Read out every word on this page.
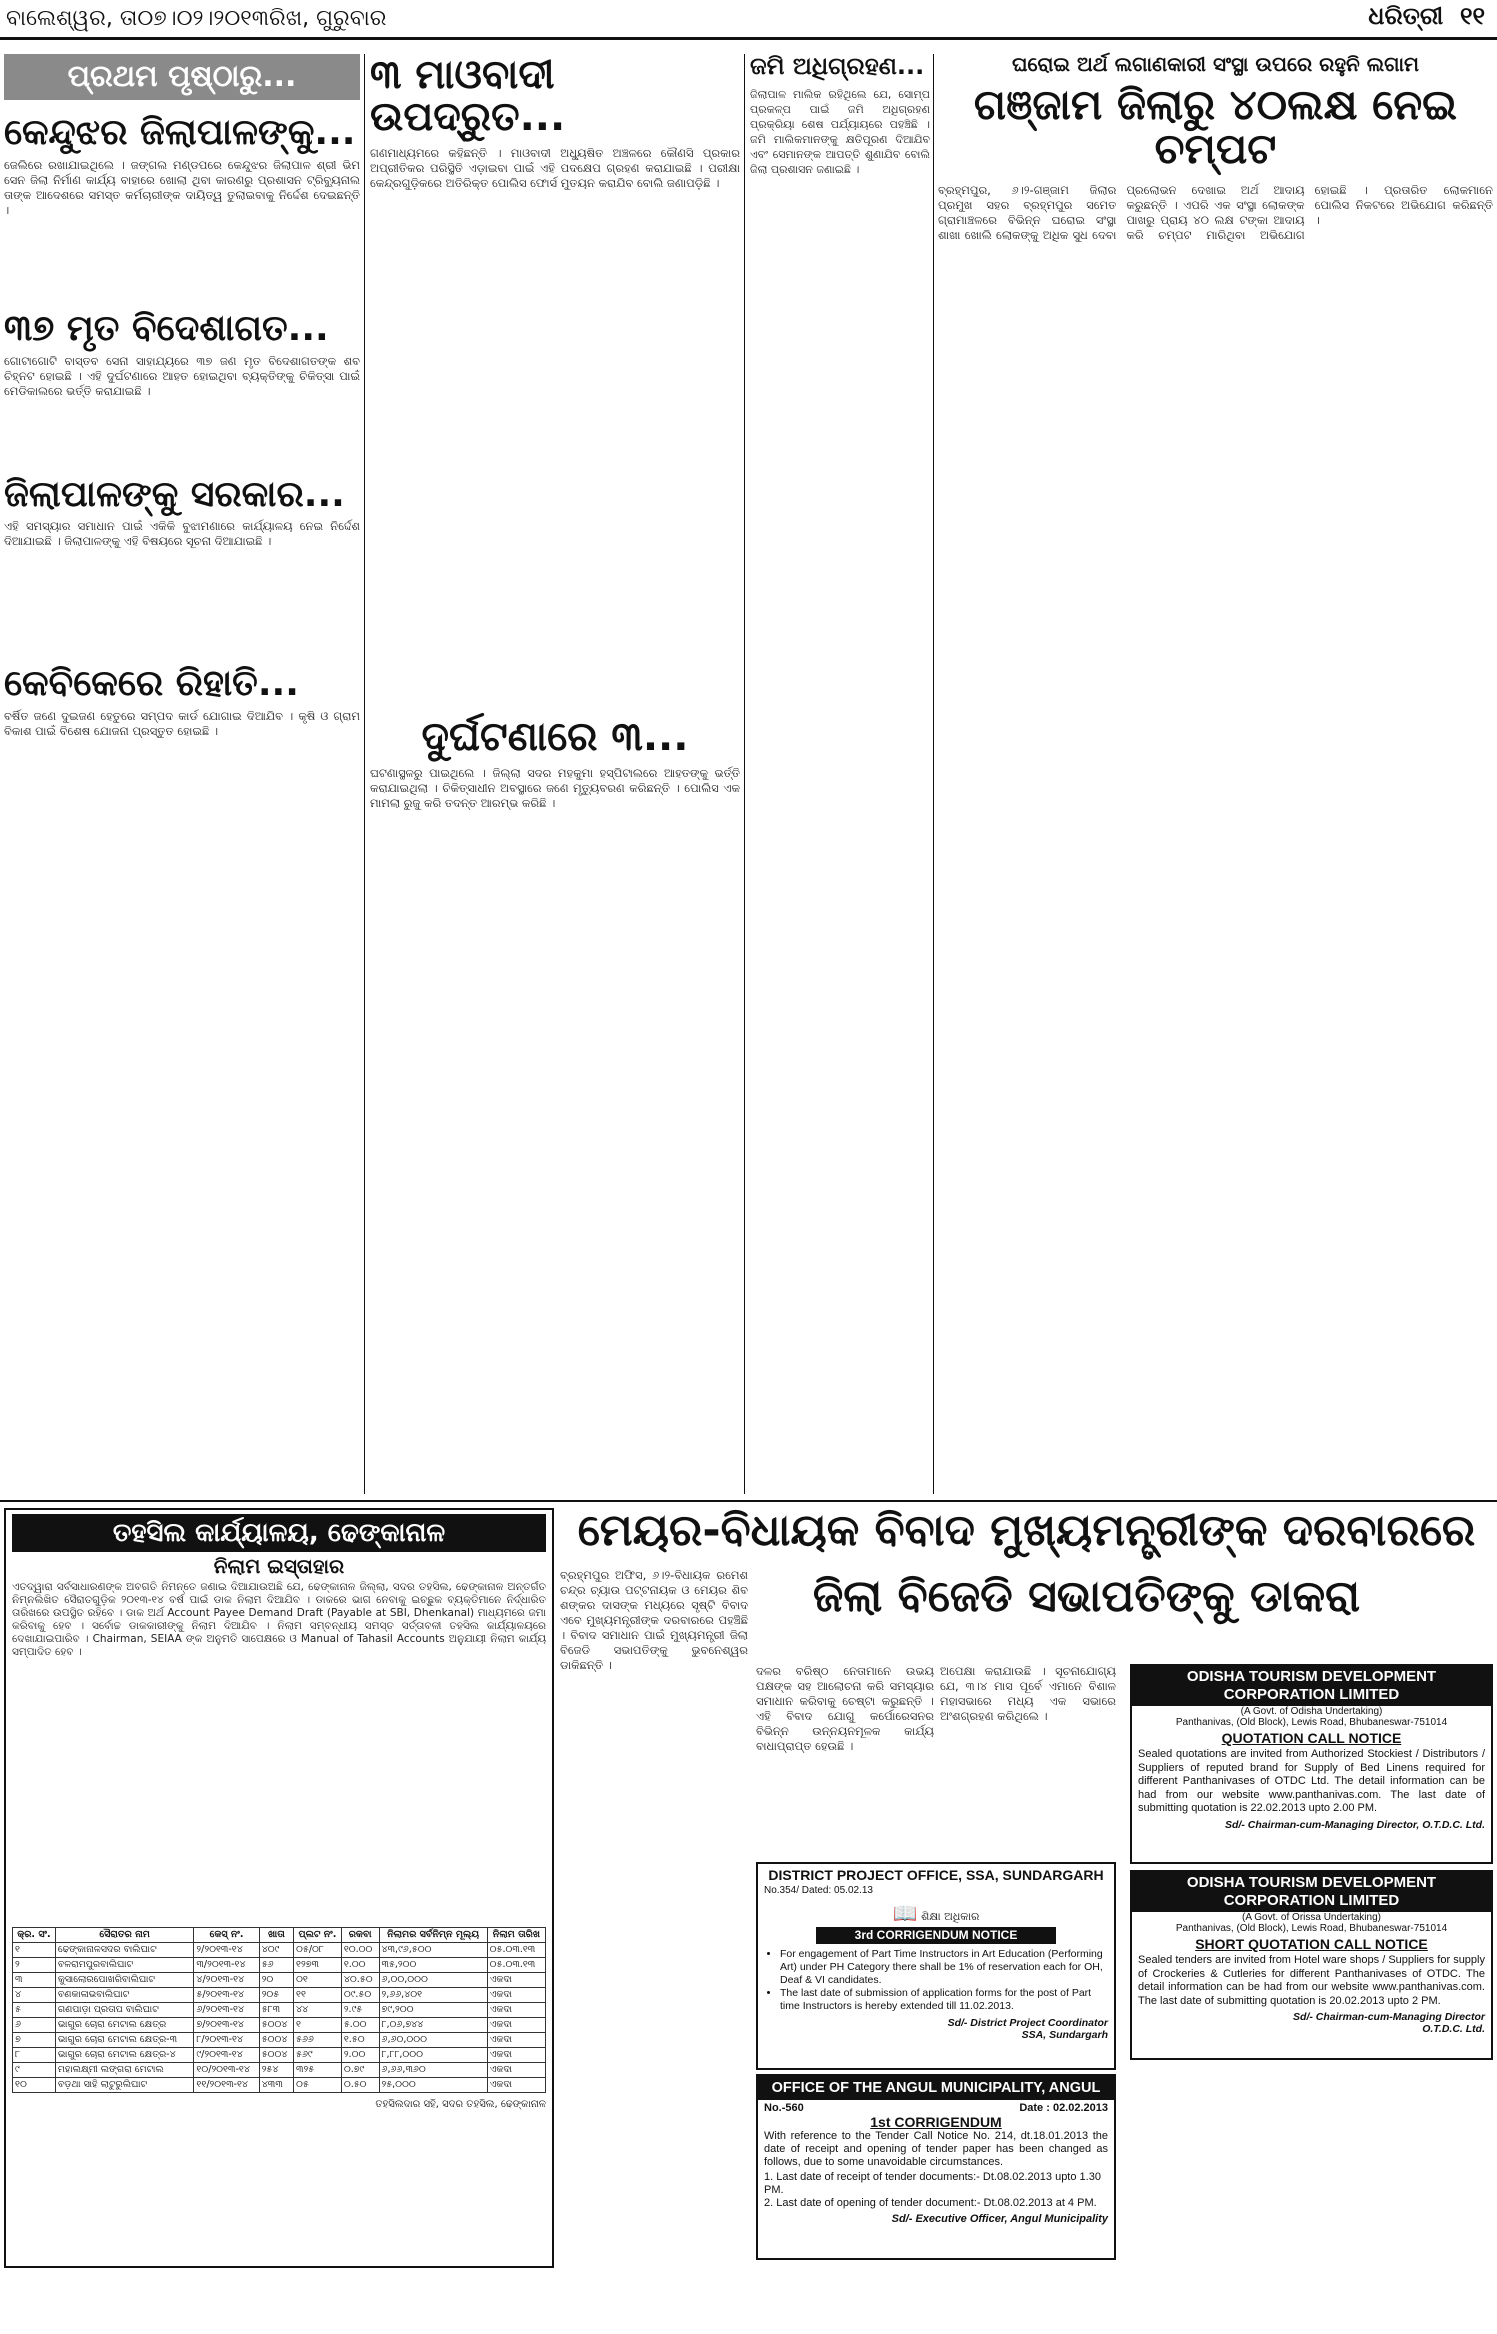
ବାଲେଶ୍ୱର, ତା୦୭।୦୨।୨୦୧୩ରିଖ, ଗୁରୁବାର	ଧରିତ୍ରୀ ୧୧
ପ୍ରଥମ ପୃଷ୍ଠାରୁ...
କେନ୍ଦୁଝର ଜିଲାପାଳଙ୍କୁ...
ଜେଲିରେ ରଖାଯାଇଥିଲେ । ଜଙ୍ଗଲ ମଣ୍ଡପରେ କେନ୍ଦୁଝର ଜିଲାପାଳ ଶ୍ରୀ ଭିମ ସେନ ଜିଲା ନିର୍ମାଣ କାର୍ଯ୍ୟ ବାହାରେ ଖୋଲା ଥିବା କାରଣରୁ ପ୍ରଶାସନ ଟ୍ରିବ୍ୟୁନାଲ ତାଙ୍କ ଆଦେଶରେ ସମସ୍ତ କର୍ମଚାରୀଙ୍କ ଦାୟିତ୍ୱ ତୁଲାଇବାକୁ ନିର୍ଦ୍ଦେଶ ଦେଇଛନ୍ତି ।
୩୭ ମୃତ ବିଦେଶାଗତ...
ଗୋଟାଗୋଟି ବାସ୍ତବ ସେନା ସାହାଯ୍ୟରେ ୩୭ ଜଣ ମୃତ ବିଦେଶାଗତଙ୍କ ଶବ ଚିହ୍ନଟ ହୋଇଛି । ଏହି ଦୁର୍ଘଟଣାରେ ଆହତ ହୋଇଥିବା ବ୍ୟକ୍ତିଙ୍କୁ ଚିକିତ୍ସା ପାଇଁ ମେଡିକାଲରେ ଭର୍ତ୍ତି କରାଯାଇଛି ।
ଜିଲାପାଳଙ୍କୁ ସରକାର...
ଏହି ସମସ୍ୟାର ସମାଧାନ ପାଇଁ ଏକିକି ବୁଝାମଣାରେ କାର୍ଯ୍ୟାଳୟ ନେଇ ନିର୍ଦ୍ଦେଶ ଦିଆଯାଇଛି । ଜିଲାପାଳଙ୍କୁ ଏହି ବିଷୟରେ ସୂଚନା ଦିଆଯାଇଛି ।
କେବିକେରେ ରିହାତି...
ବର୍ଷିତ ଜଣେ ଦୁଇଜଣ ହେତୁରେ ସମ୍ପଦ କାର୍ଡ ଯୋଗାଇ ଦିଆଯିବ । କୃଷି ଓ ଗ୍ରାମ ବିକାଶ ପାଇଁ ବିଶେଷ ଯୋଜନା ପ୍ରସ୍ତୁତ ହୋଇଛି ।
୩ ମାଓବାଦୀ ଉପଦ୍ରୁତ...
ଗଣମାଧ୍ୟମରେ କହିଛନ୍ତି । ମାଓବାଦୀ ଅଧ୍ୟୁଷିତ ଅଞ୍ଚଳରେ କୌଣସି ପ୍ରକାର ଅପ୍ରୀତିକର ପରିସ୍ଥିତି ଏଡ଼ାଇବା ପାଇଁ ଏହି ପଦକ୍ଷେପ ଗ୍ରହଣ କରାଯାଇଛି । ପରୀକ୍ଷା କେନ୍ଦ୍ରଗୁଡ଼ିକରେ ଅତିରିକ୍ତ ପୋଲିସ ଫୋର୍ସ ମୁତୟନ କରାଯିବ ବୋଲି ଜଣାପଡ଼ିଛି ।
ଦୁର୍ଘଟଣାରେ ୩...
ଘଟଣାସ୍ଥଳରୁ ପାଇଥିଲେ । ଜିଲ୍ଲା ସଦର ମହକୁମା ହସ୍ପିଟାଲରେ ଆହତଙ୍କୁ ଭର୍ତ୍ତି କରାଯାଇଥିଲା । ଚିକିତ୍ସାଧୀନ ଅବସ୍ଥାରେ ଜଣେ ମୃତ୍ୟୁବରଣ କରିଛନ୍ତି । ପୋଲିସ ଏକ ମାମଲା ରୁଜୁ କରି ତଦନ୍ତ ଆରମ୍ଭ କରିଛି ।
ଜମି ଅଧିଗ୍ରହଣ...
ଜିଲାପାଳ ମାଲିକ ରହିଥିଲେ ଯେ, ସୋମ୍ପ ପ୍ରକଳ୍ପ ପାଇଁ ଜମି ଅଧିଗ୍ରହଣ ପ୍ରକ୍ରିୟା ଶେଷ ପର୍ଯ୍ୟାୟରେ ପହଞ୍ଚିଛି । ଜମି ମାଲିକମାନଙ୍କୁ କ୍ଷତିପୂରଣ ଦିଆଯିବ ଏବଂ ସେମାନଙ୍କ ଆପତ୍ତି ଶୁଣାଯିବ ବୋଲି ଜିଲା ପ୍ରଶାସନ ଜଣାଇଛି ।
ଘରୋଇ ଅର୍ଥ ଲଗାଣକାରୀ ସଂସ୍ଥା ଉପରେ ରହୁନି ଲଗାମ
ଗଞ୍ଜାମ ଜିଲାରୁ ୪୦ଲକ୍ଷ ନେଇ ଚମ୍ପଟ
ବ୍ରହ୍ମପୁର, ୬।୨-ଗଞ୍ଜାମ ଜିଲାର ପ୍ରମୁଖ ସହର ବ୍ରହ୍ମପୁର ସମେତ ଗ୍ରାମାଞ୍ଚଳରେ ବିଭିନ୍ନ ଘରୋଇ ସଂସ୍ଥା ଶାଖା ଖୋଲି ଲୋକଙ୍କୁ ଅଧିକ ସୁଧ ଦେବା ପ୍ରଲୋଭନ ଦେଖାଇ ଅର୍ଥ ଆଦାୟ କରୁଛନ୍ତି । ଏପରି ଏକ ସଂସ୍ଥା ଲୋକଙ୍କ ପାଖରୁ ପ୍ରାୟ ୪୦ ଲକ୍ଷ ଟଙ୍କା ଆଦାୟ କରି ଚମ୍ପଟ ମାରିଥିବା ଅଭିଯୋଗ ହୋଇଛି । ପ୍ରତାରିତ ଲୋକମାନେ ପୋଲିସ ନିକଟରେ ଅଭିଯୋଗ କରିଛନ୍ତି ।
ତହସିଲ କାର୍ଯ୍ୟାଳୟ, ଢେଙ୍କାନାଳ
ନିଲାମ ଇସ୍ତାହାର
ଏତଦ୍ୱାରା ସର୍ବସାଧାରଣଙ୍କ ଅବଗତି ନିମନ୍ତେ ଜଣାଇ ଦିଆଯାଉଅଛି ଯେ, ଢେଙ୍କାନାଳ ଜିଲ୍ଲା, ସଦର ତହସିଲ, ଢେଙ୍କାନାଳ ଅନ୍ତର୍ଗତ ନିମ୍ନଲିଖିତ ସୈରାତଗୁଡ଼ିକ ୨୦୧୩-୧୪ ବର୍ଷ ପାଇଁ ଡାକ ନିଲାମ ଦିଆଯିବ । ଡାକରେ ଭାଗ ନେବାକୁ ଇଚ୍ଛୁକ ବ୍ୟକ୍ତିମାନେ ନିର୍ଦ୍ଧାରିତ ତାରିଖରେ ଉପସ୍ଥିତ ରହିବେ । ଡାକ ଅର୍ଥ Account Payee Demand Draft (Payable at SBI, Dhenkanal) ମାଧ୍ୟମରେ ଜମା କରିବାକୁ ହେବ । ସର୍ବୋଚ୍ଚ ଡାକକାରୀଙ୍କୁ ନିଲାମ ଦିଆଯିବ । ନିଲାମ ସମ୍ବନ୍ଧୀୟ ସମସ୍ତ ସର୍ତ୍ତାବଳୀ ତହସିଲ କାର୍ଯ୍ୟାଳୟରେ ଦେଖାଯାଇପାରିବ । Chairman, SEIAA ଙ୍କ ଅନୁମତି ସାପେକ୍ଷରେ ଓ Manual of Tahasil Accounts ଅନୁଯାୟୀ ନିଲାମ କାର୍ଯ୍ୟ ସମ୍ପାଦିତ ହେବ ।
କ୍ର. ସଂ.	ସୈରାତର ନାମ	କେସ୍ ନଂ.	ଖାତା	ପ୍ଲଟ ନଂ.	ରକବା	ନିଲାମର ସର୍ବନିମ୍ନ ମୂଲ୍ୟ	ନିଲାମ ତାରିଖ
୧	ଢେଙ୍କାନାଳସଦର ବାଲିଘାଟ	୨/୨୦୧୩-୧୪	୪୦୯	୦୫/୦୮	୧୦.୦୦	୪୩,୯୬,୫୦୦	୦୫.୦୩.୧୩
୨	ବଳରାମପୁରବାଲିଘାଟ	୩/୨୦୧୩-୧୪	୫୬	୧୨୭୩	୧.୦୦	୩୫,୨୦୦	୦୫.୦୩.୧୩
୩	କୁସାଲୋରପୋଖରିବାଲିଘାଟ	୪/୨୦୧୩-୧୪	୨୦	୦୧	୪୦.୫୦	୬,୦୦,୦୦୦	ଏକଦା
୪	ବଣକାଳାଭବାଲିଘାଟ	୫/୨୦୧୩-୧୪	୨୦୫	୧୧	୦୯.୫୦	୨,୬୬,୪୦୧	ଏକଦା
୫	ଗଣପାଡ଼ା ପ୍ରତାପ ବାଲିଘାଟ	୬/୨୦୧୩-୧୪	୫୮୩	୪୪	୨.୯୫	୭୯,୨୦୦	ଏକଦା
୬	ଭାଗୁର ଚୋରା ମେଟାଲ କ୍ଷେତ୍ର	୭/୨୦୧୩-୧୪	୫୦୦୪	୧	୫.୦୦	୮,୦୬,୭୪୪	ଏକଦା
୭	ଭାଗୁର ଚୋରା ମେଟାଲ କ୍ଷେତ୍ର-୩	୮/୨୦୧୩-୧୪	୫୦୦୪	୫୬୬	୧.୫୦	୬,୬୦,୦୦୦	ଏକଦା
୮	ଭାଗୁର ଚୋରା ମେଟାଲ କ୍ଷେତ୍ର-୪	୯/୨୦୧୩-୧୪	୫୦୦୪	୫୬୯	୨.୦୦	୮,୮୮,୦୦୦	ଏକଦା
୯	ମହାଲକ୍ଷ୍ମୀ ଲଙ୍ଗରା ମେଟାଲ	୧୦/୨୦୧୩-୧୪	୨୫୪	୩୨୫	୦.୭୯	୬,୬୬,୩୬୦	ଏକଦା
୧୦	ବଡ଼ଥା ସାହି ଲାଟୁରୁଲିଘାଟ	୧୧/୨୦୧୩-୧୪	୪୩୩	୦୫	୦.୫୦	୨୫,୦୦୦	ଏକଦା
ତହସିଲଦାର ସହି, ସଦର ତହସିଲ, ଢେଙ୍କାନାଳ
ମେୟର-ବିଧାୟକ ବିବାଦ ମୁଖ୍ୟମନ୍ତ୍ରୀଙ୍କ ଦରବାରରେ
ଜିଲା ବିଜେଡି ସଭାପତିଙ୍କୁ ଡାକରା
ବ୍ରହ୍ମପୁର ଅଫିସ, ୬।୨-ବିଧାୟକ ରମେଶ ଚନ୍ଦ୍ର ଚ୍ୟାଉ ପଟ୍ଟନାୟକ ଓ ମେୟର ଶିବ ଶଙ୍କର ଦାସଙ୍କ ମଧ୍ୟରେ ସୃଷ୍ଟି ବିବାଦ ଏବେ ମୁଖ୍ୟମନ୍ତ୍ରୀଙ୍କ ଦରବାରରେ ପହଞ୍ଚିଛି । ବିବାଦ ସମାଧାନ ପାଇଁ ମୁଖ୍ୟମନ୍ତ୍ରୀ ଜିଲା ବିଜେଡି ସଭାପତିଙ୍କୁ ଭୁବନେଶ୍ୱର ଡାକିଛନ୍ତି ।	ଦଳର ବରିଷ୍ଠ ନେତାମାନେ ଉଭୟ ପକ୍ଷଙ୍କ ସହ ଆଲୋଚନା କରି ସମସ୍ୟାର ସମାଧାନ କରିବାକୁ ଚେଷ୍ଟା କରୁଛନ୍ତି । ଏହି ବିବାଦ ଯୋଗୁ କର୍ପୋରେସନର ବିଭିନ୍ନ ଉନ୍ନୟନମୂଳକ କାର୍ଯ୍ୟ ବାଧାପ୍ରାପ୍ତ ହେଉଛି ।
ଅପେକ୍ଷା କରାଯାଉଛି । ସୂଚନାଯୋଗ୍ୟ ଯେ, ୩।୪ ମାସ ପୂର୍ବେ ଏମାନେ ବିଶାଳ ମହାସଭାରେ ମଧ୍ୟ ଏକ ସଭାରେ ଅଂଶଗ୍ରହଣ କରିଥିଲେ ।
DISTRICT PROJECT OFFICE, SSA, SUNDARGARH
No.354/ Dated: 05.02.13
📖 ଶିକ୍ଷା ଅଧିକାର
3rd CORRIGENDUM NOTICE
• For engagement of Part Time Instructors in Art Education (Performing Art) under PH Category there shall be 1% of reservation each for OH, Deaf & VI candidates.
• The last date of submission of application forms for the post of Part time Instructors is hereby extended till 11.02.2013.
Sd/- District Project Coordinator
SSA, Sundargarh
OFFICE OF THE ANGUL MUNICIPALITY, ANGUL
No.-560	Date : 02.02.2013
1st CORRIGENDUM
With reference to the Tender Call Notice No. 214, dt.18.01.2013 the date of receipt and opening of tender paper has been changed as follows, due to some unavoidable circumstances.
1. Last date of receipt of tender documents:- Dt.08.02.2013 upto 1.30 PM.
2. Last date of opening of tender document:- Dt.08.02.2013 at 4 PM.
Sd/- Executive Officer, Angul Municipality
ODISHA TOURISM DEVELOPMENT CORPORATION LIMITED
(A Govt. of Odisha Undertaking)
Panthanivas, (Old Block), Lewis Road, Bhubaneswar-751014
QUOTATION CALL NOTICE
Sealed quotations are invited from Authorized Stockiest / Distributors / Suppliers of reputed brand for Supply of Bed Linens required for different Panthanivases of OTDC Ltd. The detail information can be had from our website www.panthanivas.com. The last date of submitting quotation is 22.02.2013 upto 2.00 PM.
Sd/- Chairman-cum-Managing Director, O.T.D.C. Ltd.
ODISHA TOURISM DEVELOPMENT CORPORATION LIMITED
(A Govt. of Orissa Undertaking)
Panthanivas, (Old Block), Lewis Road, Bhubaneswar-751014
SHORT QUOTATION CALL NOTICE
Sealed tenders are invited from Hotel ware shops / Suppliers for supply of Crockeries & Cutleries for different Panthanivases of OTDC. The detail information can be had from our website www.panthanivas.com. The last date of submitting quotation is 20.02.2013 upto 2 PM.
Sd/- Chairman-cum-Managing Director
O.T.D.C. Ltd.
